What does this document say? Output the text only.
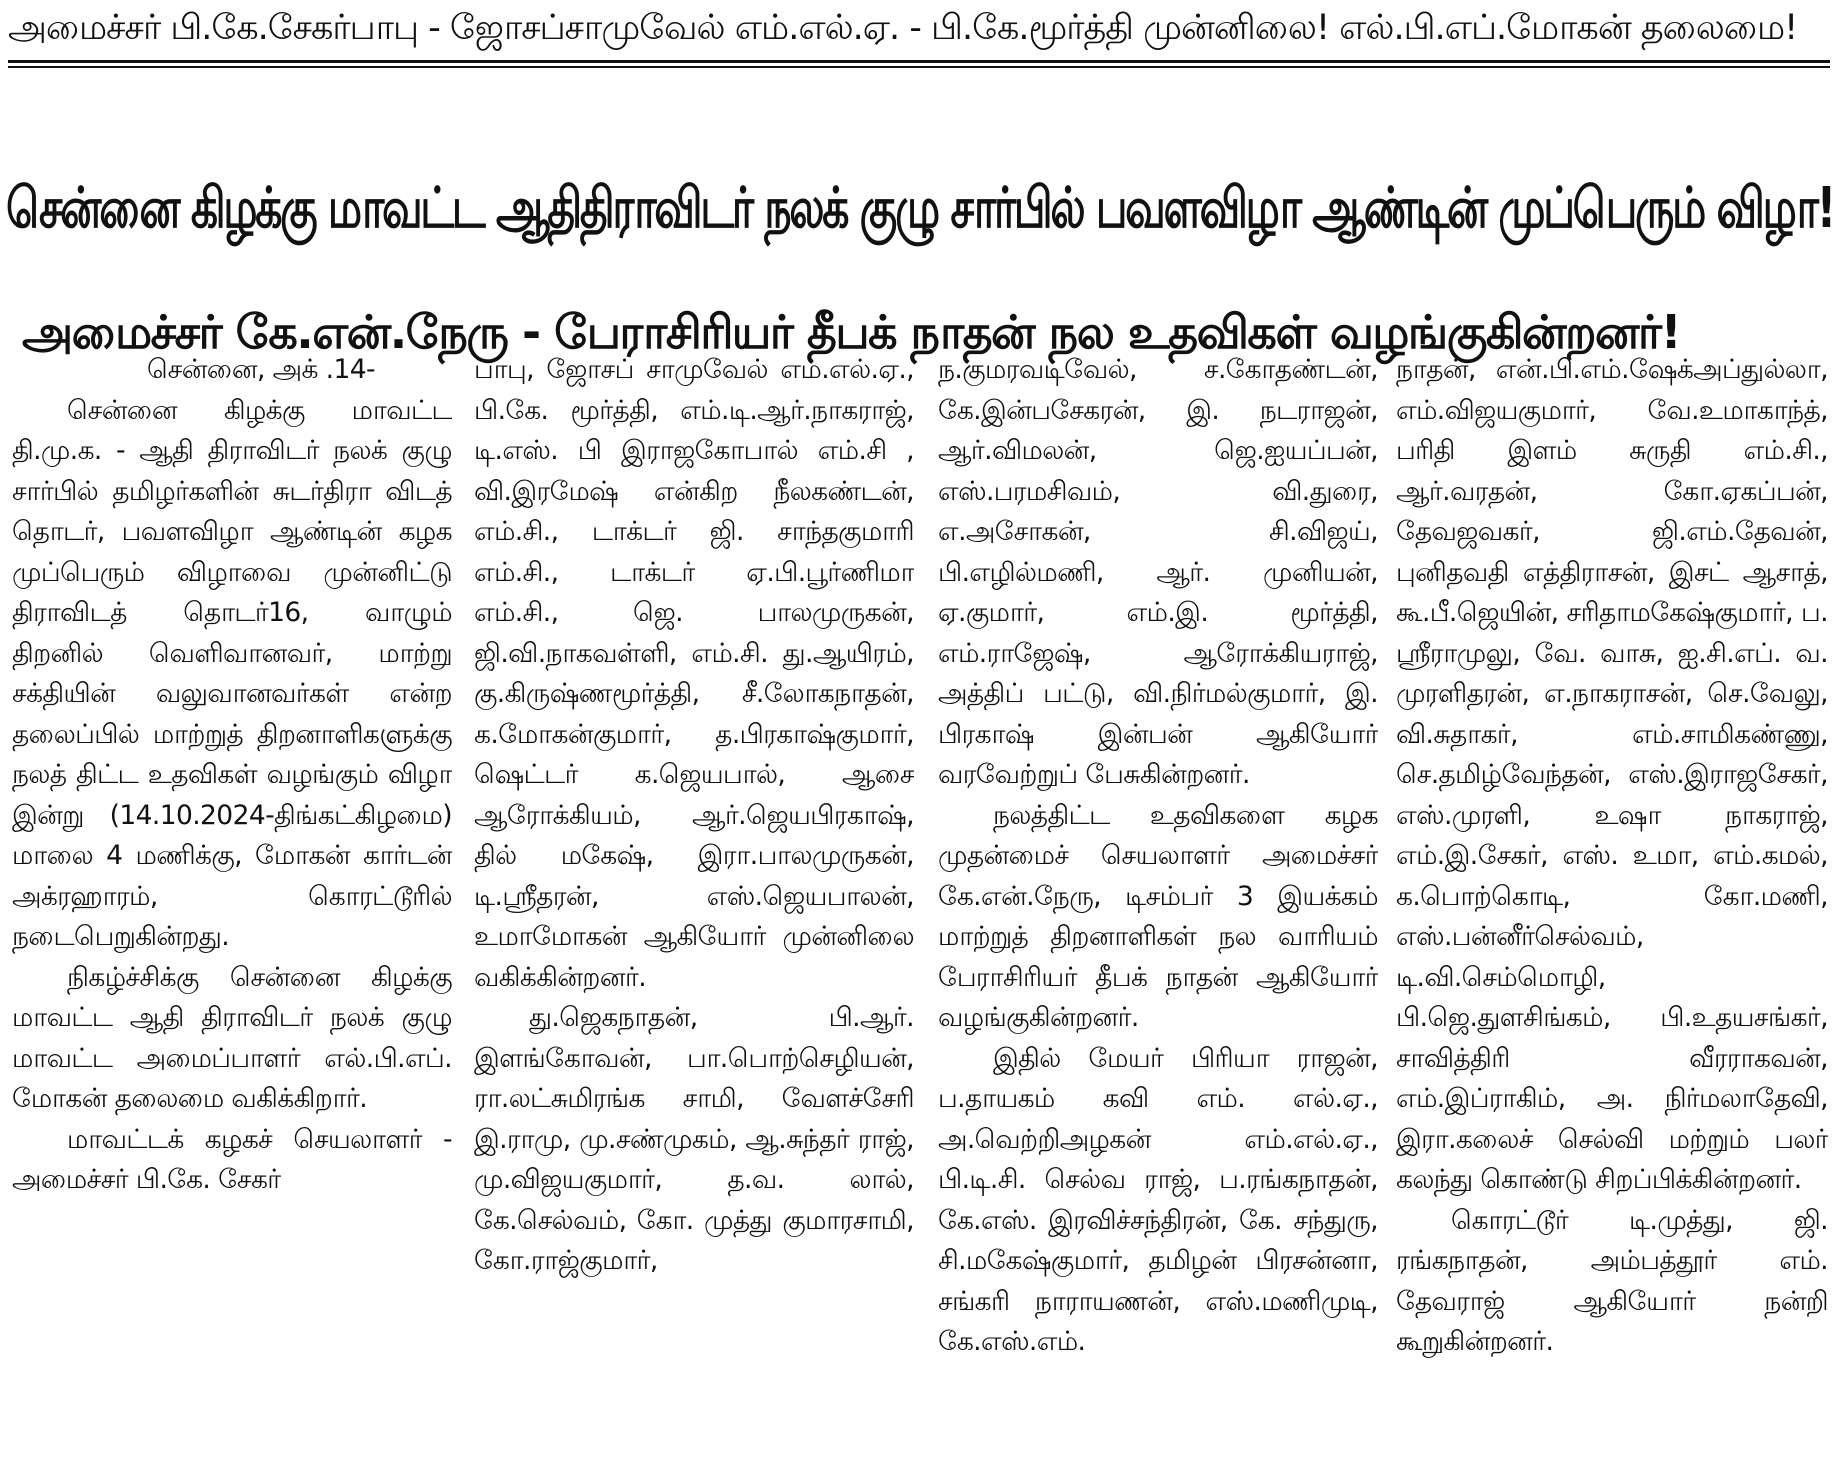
அமைச்சர் பி.கே.சேகர்பாபு - ஜோசப்சாமுவேல் எம்.எல்.ஏ. - பி.கே.மூர்த்தி முன்னிலை! எல்.பி.எப்.மோகன் தலைமை!
சென்னை கிழக்கு மாவட்ட ஆதிதிராவிடர் நலக் குழு சார்பில் பவளவிழா ஆண்டின் முப்பெரும் விழா!
அமைச்சர் கே.என்.நேரு - பேராசிரியர் தீபக் நாதன் நல உதவிகள் வழங்குகின்றனர்!

சென்னை, அக் .14-

சென்னை கிழக்கு மாவட்ட தி.மு.க. - ஆதி திராவிடர் நலக் குழு சார்பில் தமிழர்களின் சுடர்திரா விடத் தொடர், பவளவிழா ஆண்டின் கழக முப்பெரும் விழாவை முன்னிட்டு திராவிடத் தொடர்16, வாழும் திறனில் வெளிவானவர், மாற்று சக்தியின் வலுவானவர்கள் என்ற தலைப்பில் மாற்றுத் திறனாளிகளுக்கு நலத் திட்ட உதவிகள் வழங்கும் விழா இன்று (14.10.2024-திங்கட்கிழமை) மாலை 4 மணிக்கு, மோகன் கார்டன் அக்ரஹாரம், கொரட்டூரில் நடைபெறுகின்றது.

நிகழ்ச்சிக்கு சென்னை கிழக்கு மாவட்ட ஆதி திராவிடர் நலக் குழு மாவட்ட அமைப்பாளர் எல்.பி.எப். மோகன் தலைமை வகிக்கிறார்.

மாவட்டக் கழகச் செயலாளர் - அமைச்சர் பி.கே. சேகர்

பாபு, ஜோசப் சாமுவேல் எம்.எல்.ஏ., பி.கே. மூர்த்தி, எம்.டி.ஆர்.நாகராஜ், டி.எஸ். பி இராஜகோபால் எம்.சி , வி.இரமேஷ் என்கிற நீலகண்டன், எம்.சி., டாக்டர் ஜி. சாந்தகுமாரி எம்.சி., டாக்டர் ஏ.பி.பூர்ணிமா எம்.சி., ஜெ. பாலமுருகன், ஜி.வி.நாகவள்ளி, எம்.சி. து.ஆயிரம், கு.கிருஷ்ணமூர்த்தி, சீ.லோகநாதன், க.மோகன்குமார், த.பிரகாஷ்குமார், ஷெட்டர் க.ஜெயபால், ஆசை ஆரோக்கியம், ஆர்.ஜெயபிரகாஷ், தில் மகேஷ், இரா.பாலமுருகன், டி.ஸ்ரீதரன், எஸ்.ஜெயபாலன், உமாமோகன் ஆகியோர் முன்னிலை வகிக்கின்றனர்.

து.ஜெகநாதன், பி.ஆர். இளங்கோவன், பா.பொற்செழியன், ரா.லட்சுமிரங்க சாமி, வேளச்சேரி இ.ராமு, மு.சண்முகம், ஆ.சுந்தர் ராஜ், மு.விஜயகுமார், த.வ. லால், கே.செல்வம், கோ. முத்து குமாரசாமி, கோ.ராஜ்குமார்,

ந.குமரவடிவேல், ச.கோதண்டன், கே.இன்பசேகரன், இ. நடராஜன், ஆர்.விமலன், ஜெ.ஐயப்பன், எஸ்.பரமசிவம், வி.துரை, எ.அசோகன், சி.விஜய், பி.எழில்மணி, ஆர். முனியன், ஏ.குமார், எம்.இ. மூர்த்தி, எம்.ராஜேஷ், ஆரோக்கியராஜ், அத்திப் பட்டு, வி.நிர்மல்குமார், இ. பிரகாஷ் இன்பன் ஆகியோர் வரவேற்றுப் பேசுகின்றனர்.

நலத்திட்ட உதவிகளை கழக முதன்மைச் செயலாளர் அமைச்சர் கே.என்.நேரு, டிசம்பர் 3 இயக்கம் மாற்றுத் திறனாளிகள் நல வாரியம் பேராசிரியர் தீபக் நாதன் ஆகியோர் வழங்குகின்றனர்.

இதில் மேயர் பிரியா ராஜன், ப.தாயகம் கவி எம். எல்.ஏ., அ.வெற்றிஅழகன் எம்.எல்.ஏ., பி.டி.சி. செல்வ ராஜ், ப.ரங்கநாதன், கே.எஸ். இரவிச்சந்திரன், கே. சந்துரு, சி.மகேஷ்குமார், தமிழன் பிரசன்னா, சங்கரி நாராயணன், எஸ்.மணிமுடி, கே.எஸ்.எம்.

நாதன், என்.பி.எம்.ஷேக்அப்துல்லா, எம்.விஜயகுமார், வே.உமாகாந்த், பரிதி இளம் சுருதி எம்.சி., ஆர்.வரதன், கோ.ஏகப்பன், தேவஜவகர், ஜி.எம்.தேவன், புனிதவதி எத்திராசன், இசட் ஆசாத், கூ.பீ.ஜெயின், சரிதாமகேஷ்குமார், ப. ஸ்ரீராமுலு, வே. வாசு, ஐ.சி.எப். வ. முரளிதரன், எ.நாகராசன், செ.வேலு, வி.சுதாகர், எம்.சாமிகண்ணு, செ.தமிழ்வேந்தன், எஸ்.இராஜசேகர், எஸ்.முரளி, உஷா நாகராஜ், எம்.இ.சேகர், எஸ். உமா, எம்.கமல், க.பொற்கொடி, கோ.மணி, எஸ்.பன்னீர்செல்வம், டி.வி.செம்மொழி, பி.ஜெ.துளசிங்கம், பி.உதயசங்கர், சாவித்திரி வீரராகவன், எம்.இப்ராகிம், அ. நிர்மலாதேவி, இரா.கலைச் செல்வி மற்றும் பலர் கலந்து கொண்டு சிறப்பிக்கின்றனர்.

கொரட்டூர் டி.முத்து, ஜி. ரங்கநாதன், அம்பத்தூர் எம். தேவராஜ் ஆகியோர் நன்றி கூறுகின்றனர்.
